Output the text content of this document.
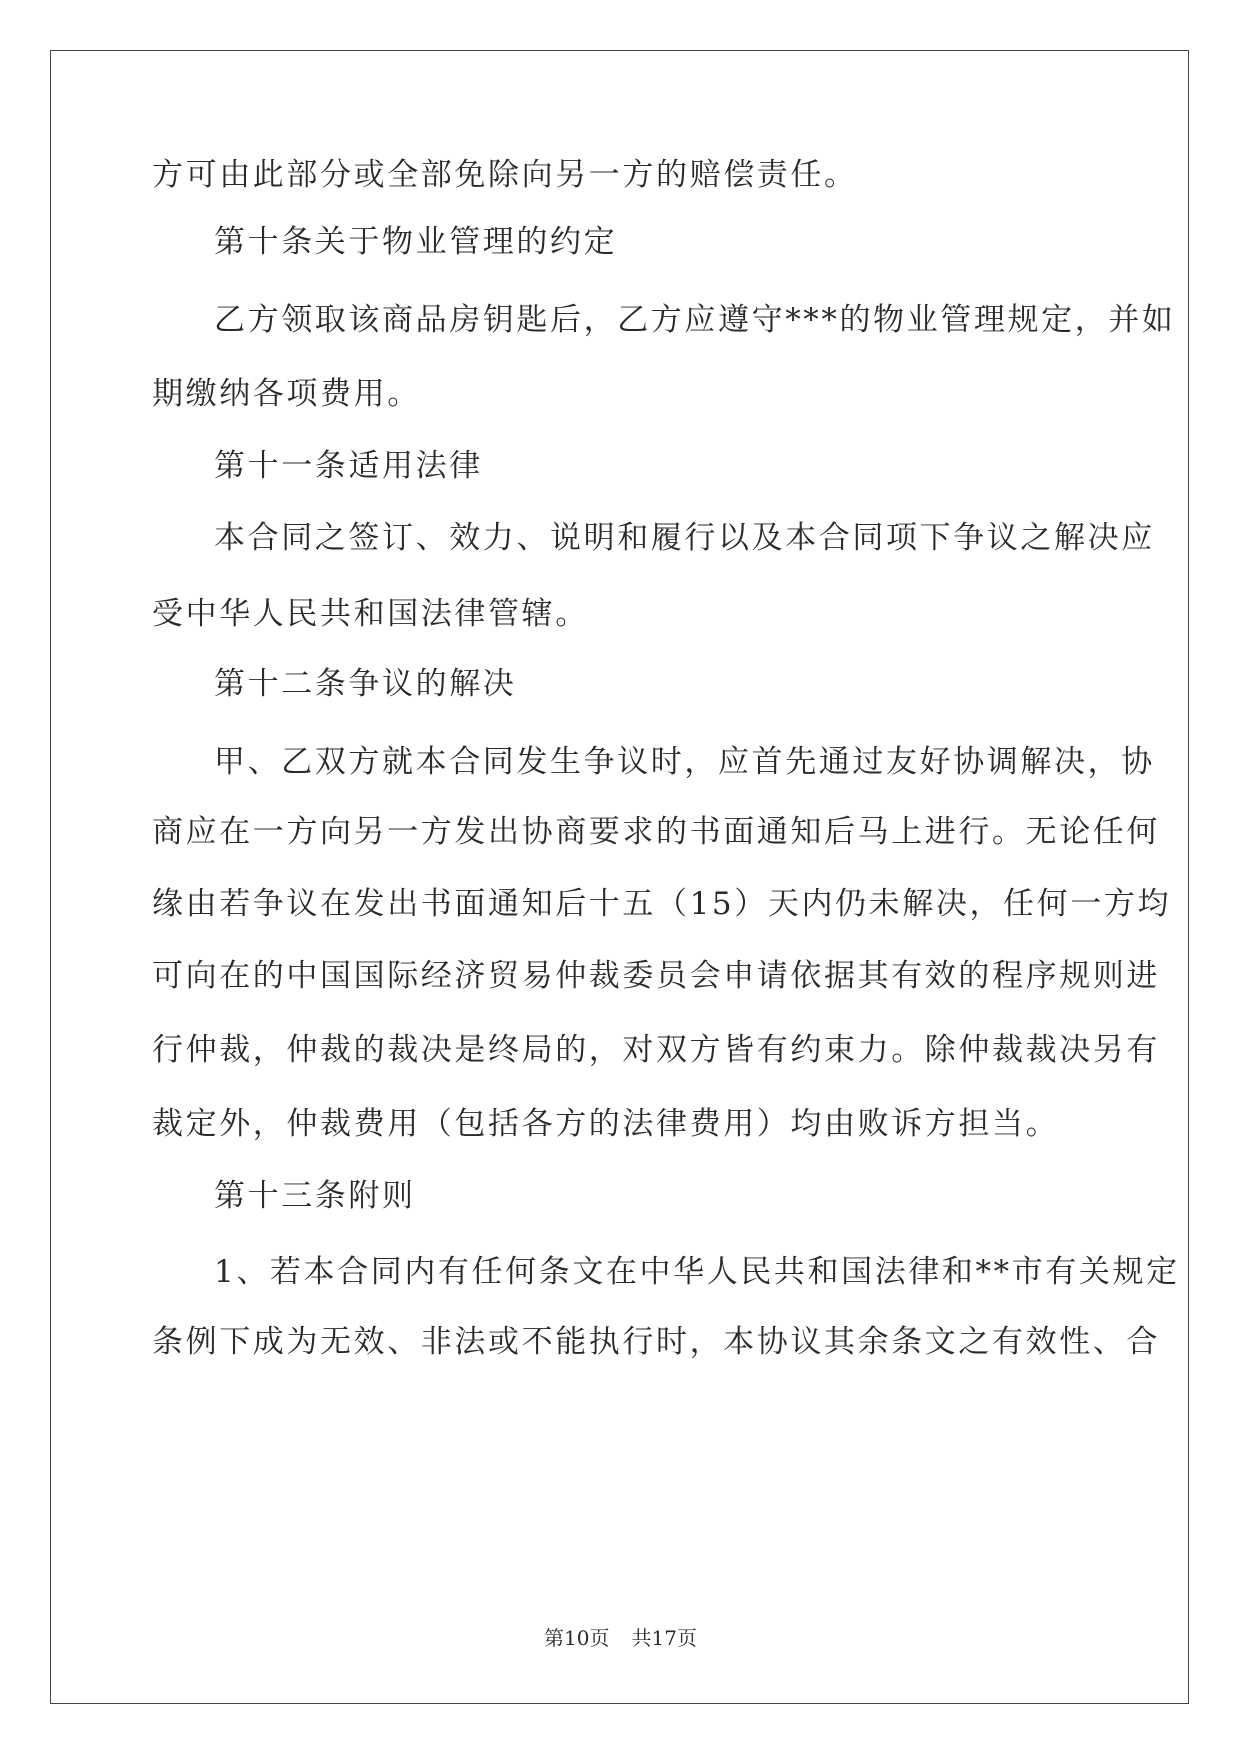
方可由此部分或全部免除向另一方的赔偿责任。
第十条关于物业管理的约定
乙方领取该商品房钥匙后，乙方应遵守***的物业管理规定，并如
期缴纳各项费用。
第十一条适用法律
本合同之签订、效力、说明和履行以及本合同项下争议之解决应
受中华人民共和国法律管辖。
第十二条争议的解决
甲、乙双方就本合同发生争议时，应首先通过友好协调解决，协
商应在一方向另一方发出协商要求的书面通知后马上进行。无论任何
缘由若争议在发出书面通知后十五（15）天内仍未解决，任何一方均
可向在的中国国际经济贸易仲裁委员会申请依据其有效的程序规则进
行仲裁，仲裁的裁决是终局的，对双方皆有约束力。除仲裁裁决另有
裁定外，仲裁费用（包括各方的法律费用）均由败诉方担当。
第十三条附则
1、若本合同内有任何条文在中华人民共和国法律和**市有关规定
条例下成为无效、非法或不能执行时，本协议其余条文之有效性、合
第10页 共17页
